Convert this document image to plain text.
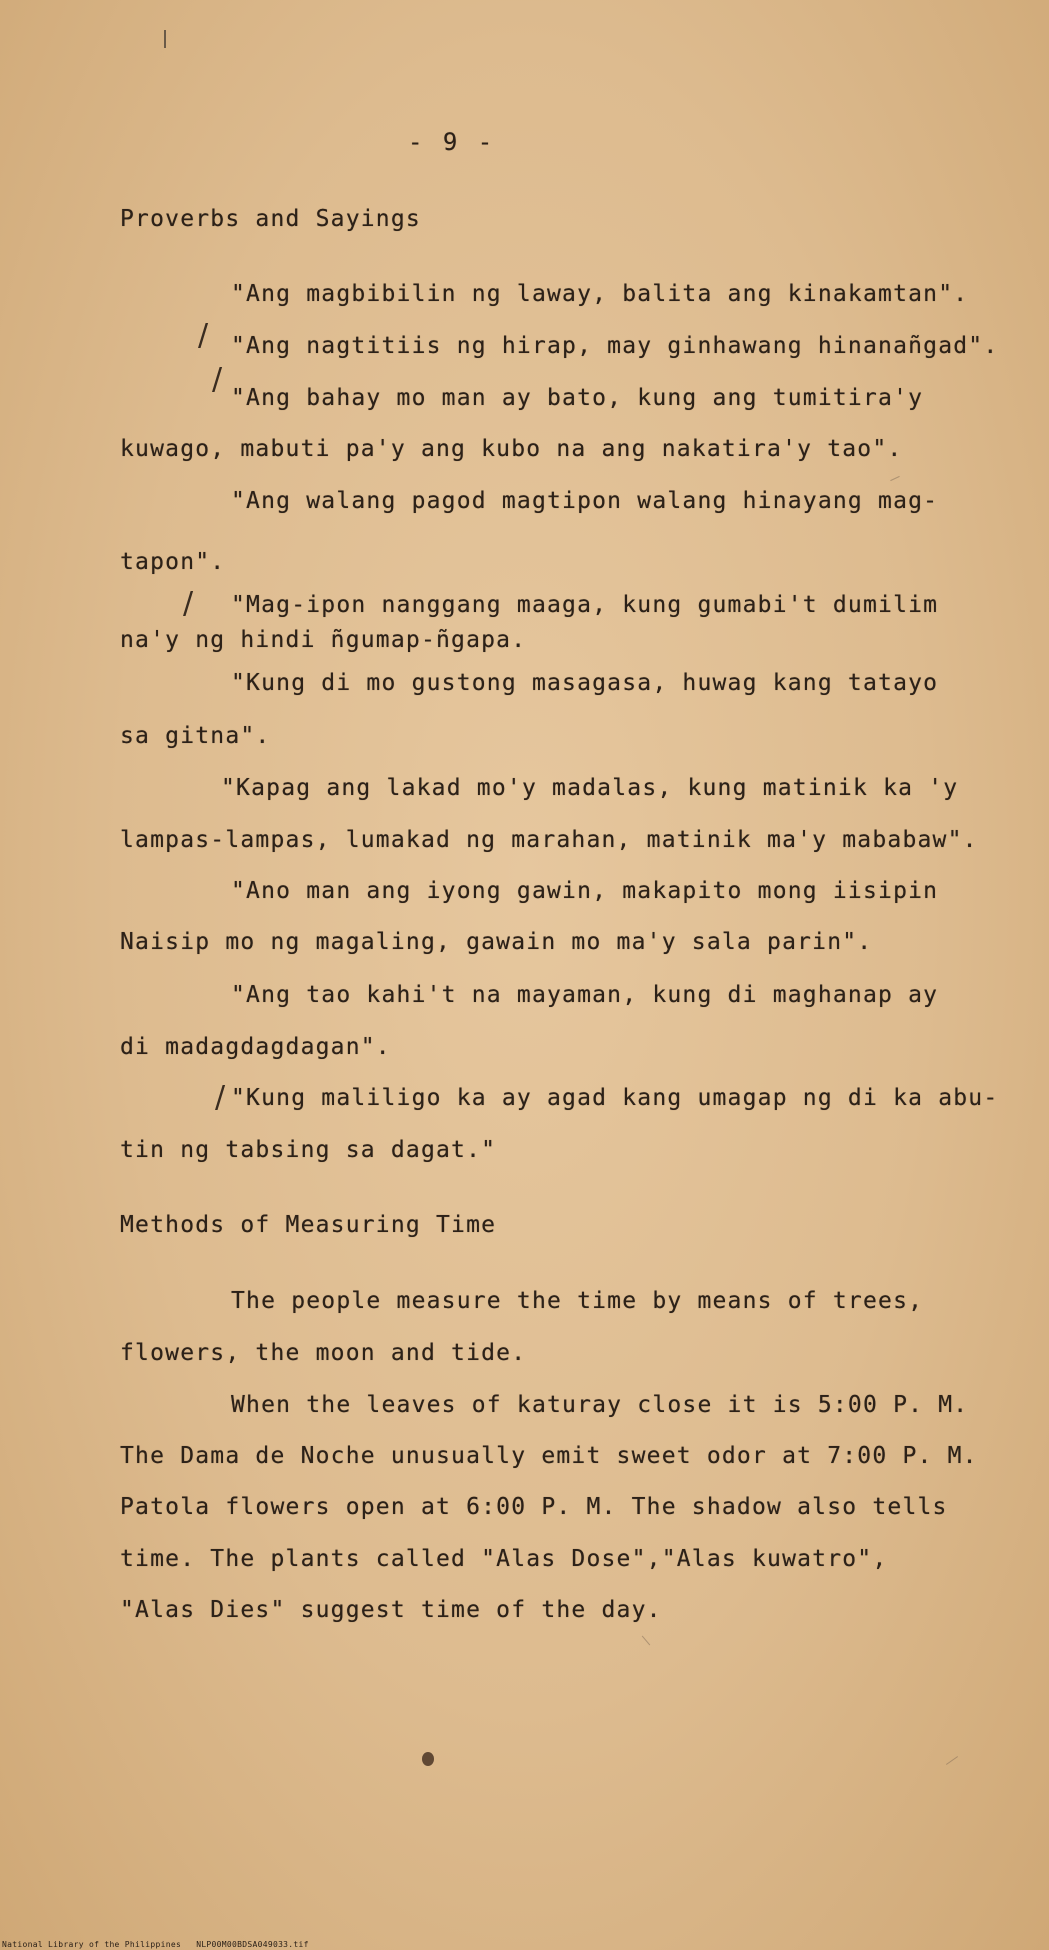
- 9 -
Proverbs and Sayings
"Ang magbibilin ng laway, balita ang kinakamtan".
"Ang nagtitiis ng hirap, may ginhawang hinanañgad".
"Ang bahay mo man ay bato, kung ang tumitira'y
kuwago, mabuti pa'y ang kubo na ang nakatira'y tao".
"Ang walang pagod magtipon walang hinayang mag-
tapon".
"Mag-ipon nanggang maaga, kung gumabi't dumilim
na'y ng hindi ñgumap-ñgapa.
"Kung di mo gustong masagasa, huwag kang tatayo
sa gitna".
"Kapag ang lakad mo'y madalas, kung matinik ka 'y
lampas-lampas, lumakad ng marahan, matinik ma'y mababaw".
"Ano man ang iyong gawin, makapito mong iisipin
Naisip mo ng magaling, gawain mo ma'y sala parin".
"Ang tao kahi't na mayaman, kung di maghanap ay
di madagdagdagan".
"Kung maliligo ka ay agad kang umagap ng di ka abu-
tin ng tabsing sa dagat."
Methods of Measuring Time
The people measure the time by means of trees,
flowers, the moon and tide.
When the leaves of katuray close it is 5:00 P. M.
The Dama de Noche unusually emit sweet odor at 7:00 P. M.
Patola flowers open at 6:00 P. M. The shadow also tells
time. The plants called "Alas Dose","Alas kuwatro",
"Alas Dies" suggest time of the day.
/
/
/
/
National Library of the Philippines NLP00M00BDSA049033.tif
